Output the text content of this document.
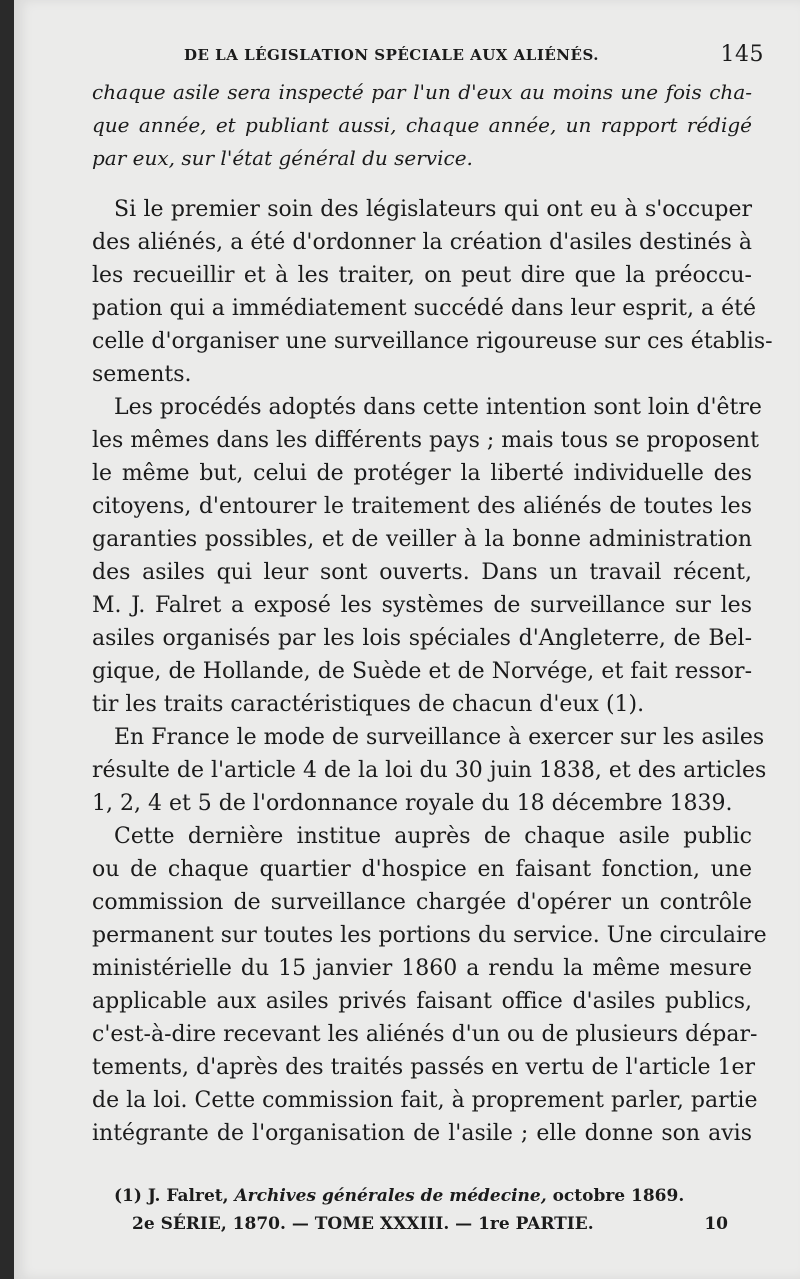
DE LA LÉGISLATION SPÉCIALE AUX ALIÉNÉS.	145
chaque asile sera inspecté par l'un d'eux au moins une fois cha-
que année, et publiant aussi, chaque année, un rapport rédigé
par eux, sur l'état général du service.
Si le premier soin des législateurs qui ont eu à s'occuper
des aliénés, a été d'ordonner la création d'asiles destinés à
les recueillir et à les traiter, on peut dire que la préoccu-
pation qui a immédiatement succédé dans leur esprit, a été
celle d'organiser une surveillance rigoureuse sur ces établis-
sements.
Les procédés adoptés dans cette intention sont loin d'être
les mêmes dans les différents pays ; mais tous se proposent
le même but, celui de protéger la liberté individuelle des
citoyens, d'entourer le traitement des aliénés de toutes les
garanties possibles, et de veiller à la bonne administration
des asiles qui leur sont ouverts. Dans un travail récent,
M. J. Falret a exposé les systèmes de surveillance sur les
asiles organisés par les lois spéciales d'Angleterre, de Bel-
gique, de Hollande, de Suède et de Norvége, et fait ressor-
tir les traits caractéristiques de chacun d'eux (1).
En France le mode de surveillance à exercer sur les asiles
résulte de l'article 4 de la loi du 30 juin 1838, et des articles
1, 2, 4 et 5 de l'ordonnance royale du 18 décembre 1839.
Cette dernière institue auprès de chaque asile public
ou de chaque quartier d'hospice en faisant fonction, une
commission de surveillance chargée d'opérer un contrôle
permanent sur toutes les portions du service. Une circulaire
ministérielle du 15 janvier 1860 a rendu la même mesure
applicable aux asiles privés faisant office d'asiles publics,
c'est-à-dire recevant les aliénés d'un ou de plusieurs dépar-
tements, d'après des traités passés en vertu de l'article 1er
de la loi. Cette commission fait, à proprement parler, partie
intégrante de l'organisation de l'asile ; elle donne son avis
(1) J. Falret, Archives générales de médecine, octobre 1869.
2e SÉRIE, 1870. — TOME XXXIII. — 1re PARTIE.	10
